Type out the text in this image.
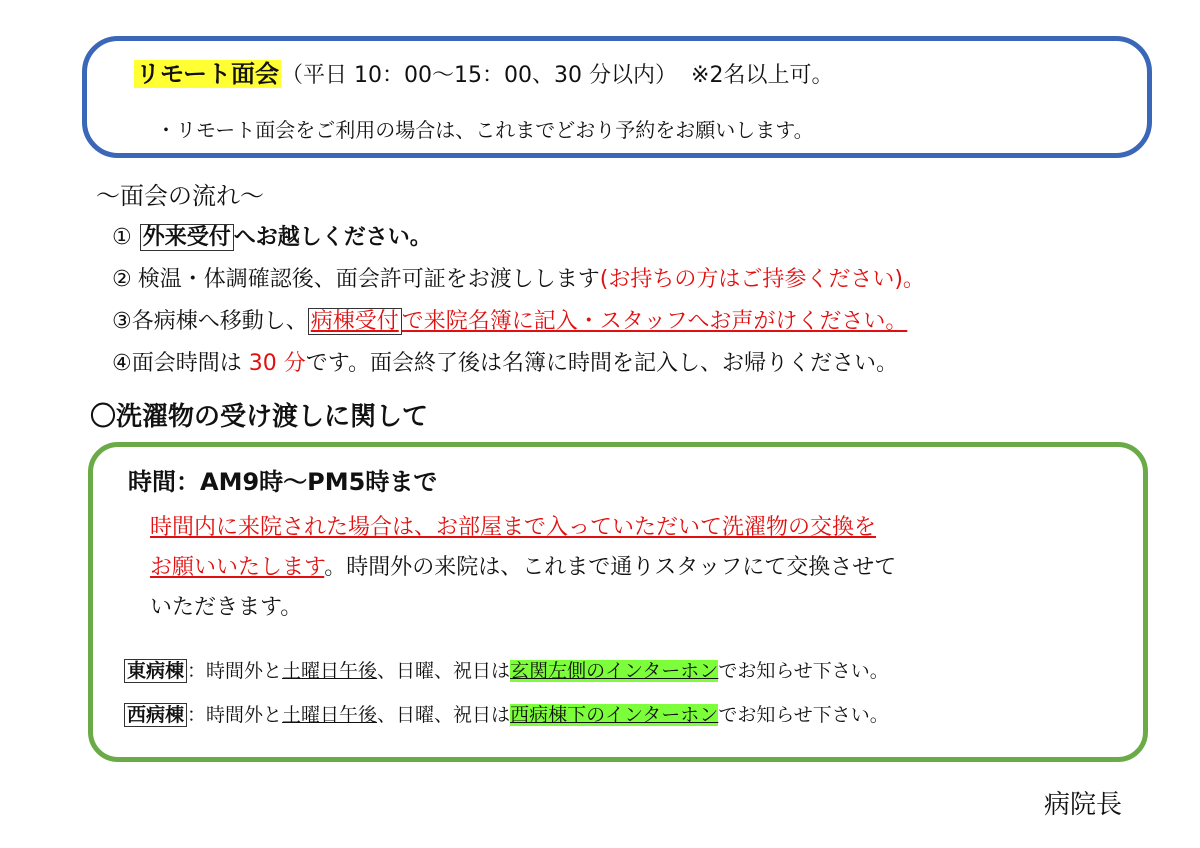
リモート面会（平日 10：00〜15：00、30 分以内） ※2名以上可。
・リモート面会をご利用の場合は、これまでどおり予約をお願いします。
～面会の流れ～
① 外来受付 へお越しください。
② 検温・体調確認後、面会許可証をお渡しします(お持ちの方はご持参ください)。
③各病棟へ移動し、 病棟受付 で来院名簿に記入・スタッフへお声がけください。
④面会時間は 30 分です。面会終了後は名簿に時間を記入し、お帰りください。
〇洗濯物の受け渡しに関して
時間：AM9時～PM5時まで
時間内に来院された場合は、お部屋まで入っていただいて洗濯物の交換を
お願いいたします。時間外の来院は、これまで通りスタッフにて交換させて
いただきます。
東病棟 ：時間外と土曜日午後、日曜、祝日は玄関左側のインターホンでお知らせ下さい。
西病棟 ：時間外と土曜日午後、日曜、祝日は西病棟下のインターホンでお知らせ下さい。
病院長
